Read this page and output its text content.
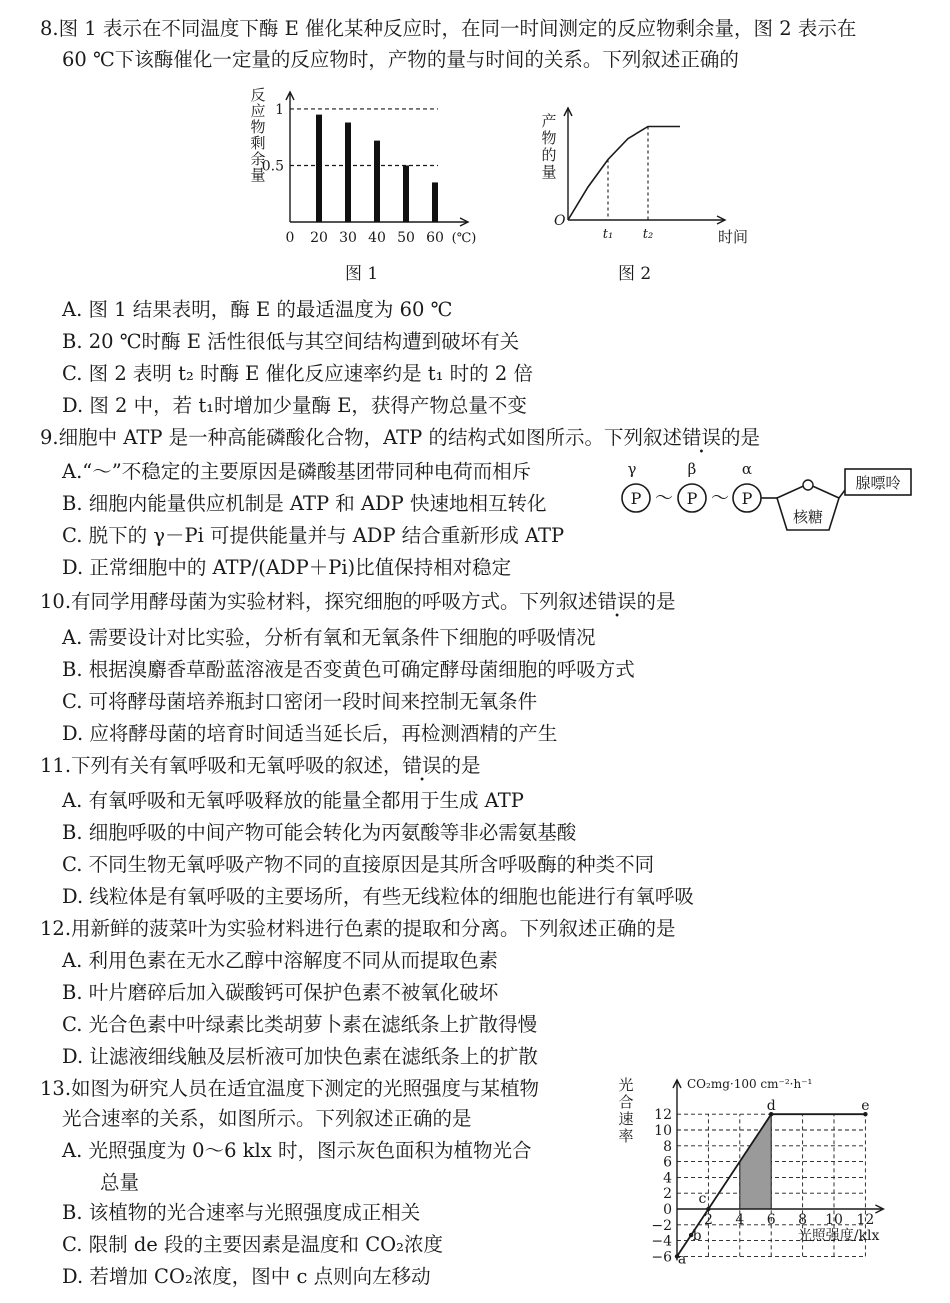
8.图 1 表示在不同温度下酶 E 催化某种反应时，在同一时间测定的反应物剩余量，图 2 表示在
60 ℃下该酶催化一定量的反应物时，产物的量与时间的关系。下列叙述正确的
反
应
物
剩
余
量
0.5
1
0 20 30 40 50 60 (℃)
图 1
产
物
的
量
O
t₁ t₂	时间
图 2
A. 图 1 结果表明，酶 E 的最适温度为 60 ℃
B. 20 ℃时酶 E 活性很低与其空间结构遭到破坏有关
C. 图 2 表明 t₂ 时酶 E 催化反应速率约是 t₁ 时的 2 倍
D. 图 2 中，若 t₁时增加少量酶 E，获得产物总量不变
9.细胞中 ATP 是一种高能磷酸化合物，ATP 的结构式如图所示。下列叙述错误的是
A.“～”不稳定的主要原因是磷酸基团带同种电荷而相斥
B. 细胞内能量供应机制是 ATP 和 ADP 快速地相互转化
C. 脱下的 γ－Pi 可提供能量并与 ADP 结合重新形成 ATP
D. 正常细胞中的 ATP/(ADP＋Pi)比值保持相对稳定
γ	β	α
P ～ P ～ P
核糖
腺嘌呤
10.有同学用酵母菌为实验材料，探究细胞的呼吸方式。下列叙述错误的是
A. 需要设计对比实验，分析有氧和无氧条件下细胞的呼吸情况
B. 根据溴麝香草酚蓝溶液是否变黄色可确定酵母菌细胞的呼吸方式
C. 可将酵母菌培养瓶封口密闭一段时间来控制无氧条件
D. 应将酵母菌的培育时间适当延长后，再检测酒精的产生
11.下列有关有氧呼吸和无氧呼吸的叙述，错误的是
A. 有氧呼吸和无氧呼吸释放的能量全都用于生成 ATP
B. 细胞呼吸的中间产物可能会转化为丙氨酸等非必需氨基酸
C. 不同生物无氧呼吸产物不同的直接原因是其所含呼吸酶的种类不同
D. 线粒体是有氧呼吸的主要场所，有些无线粒体的细胞也能进行有氧呼吸
12.用新鲜的菠菜叶为实验材料进行色素的提取和分离。下列叙述正确的是
A. 利用色素在无水乙醇中溶解度不同从而提取色素
B. 叶片磨碎后加入碳酸钙可保护色素不被氧化破坏
C. 光合色素中叶绿素比类胡萝卜素在滤纸条上扩散得慢
D. 让滤液细线触及层析液可加快色素在滤纸条上的扩散
13.如图为研究人员在适宜温度下测定的光照强度与某植物
光合速率的关系，如图所示。下列叙述正确的是
A. 光照强度为 0～6 klx 时，图示灰色面积为植物光合
总量
B. 该植物的光合速率与光照强度成正相关
C. 限制 de 段的主要因素是温度和 CO₂浓度
D. 若增加 CO₂浓度，图中 c 点则向左移动
光
合
速
率
CO₂mg·100 cm⁻²·h⁻¹
−6
−4
−2
0
2
4
6
8
10
12
2 4 6 8 10 12
光照强度/klx
a
b
c
d	e
